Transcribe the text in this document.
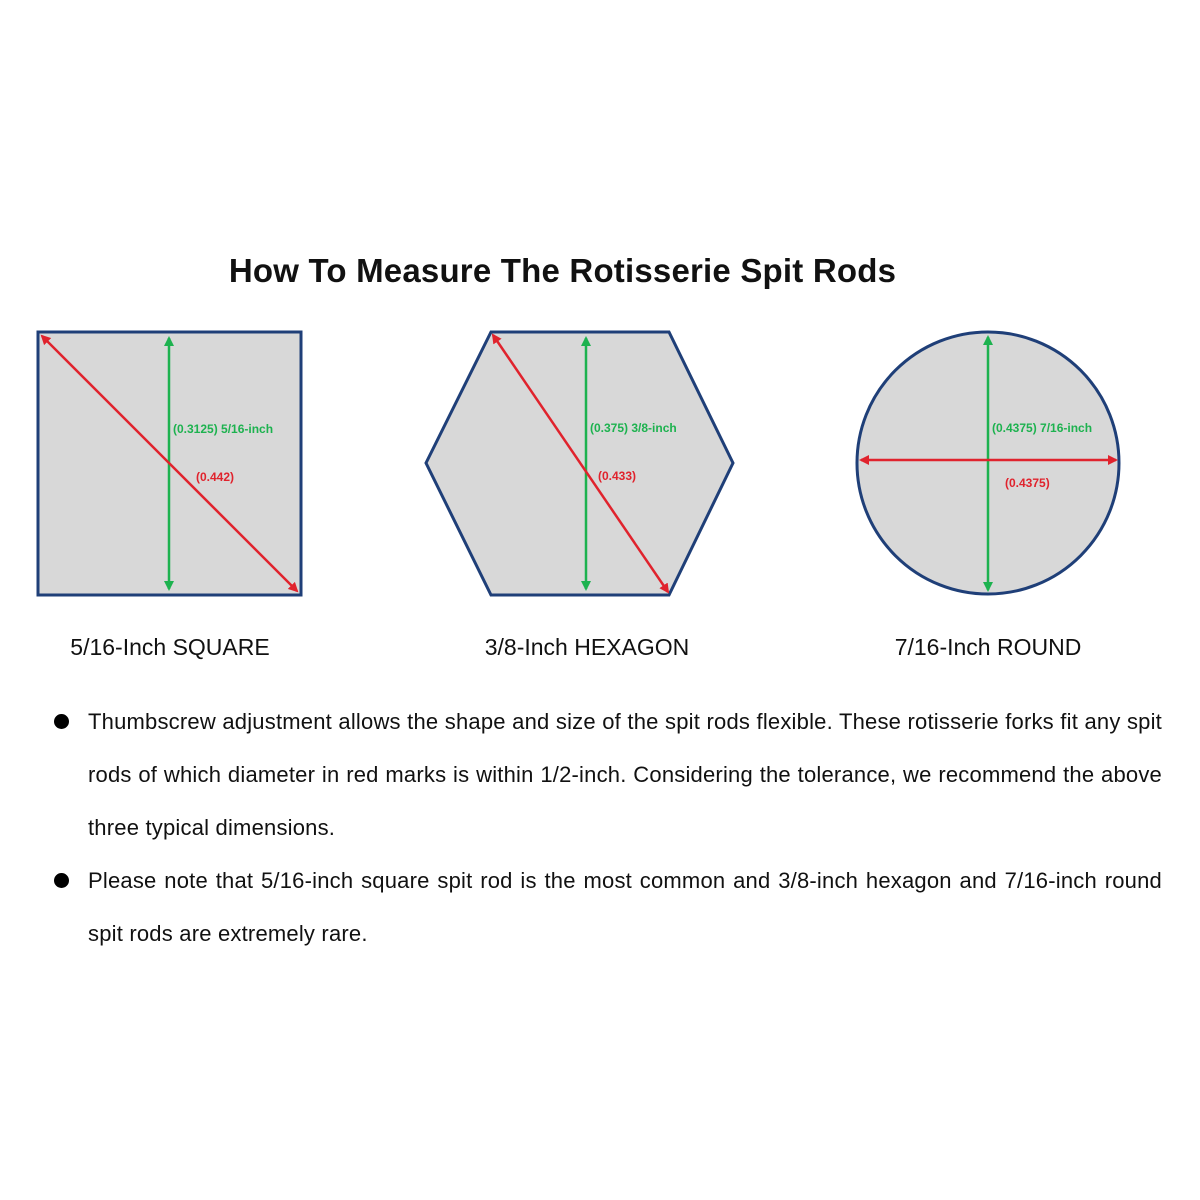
How To Measure The Rotisserie Spit Rods
(0.3125) 5/16-inch
(0.442)
(0.375) 3/8-inch
(0.433)
(0.4375) 7/16-inch
(0.4375)
5/16-Inch SQUARE	3/8-Inch HEXAGON	7/16-Inch ROUND

Thumbscrew adjustment allows the shape and size of the spit rods flexible. These rotisserie forks fit any spit rods of which diameter in red marks is within 1/2-inch. Considering the tolerance, we recommend the above three typical dimensions.

Please note that 5/16-inch square spit rod is the most common and 3/8-inch hexagon and 7/16-inch round spit rods are extremely rare.
